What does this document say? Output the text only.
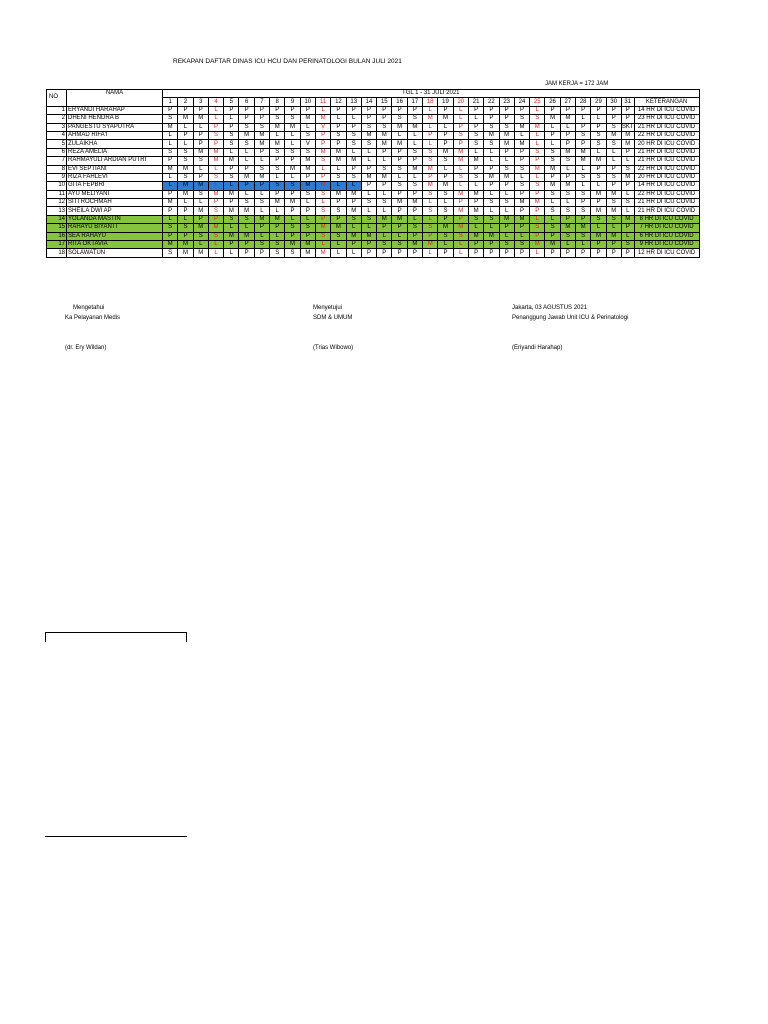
REKAPAN DAFTAR DINAS ICU HCU DAN PERINATOLOGI BULAN JULI 2021
JAM KERJA = 172 JAM
NO	NAMA	TGL 1 - 31 JULI 2021																															
		1	2	3	4	5	6	7	8	9	10	11	12	13	14	15	16	17	18	19	20	21	22	23	24	25	26	27	28	29	30	31	KETERANGAN
1	ERYANDI HARAHAP	P	P	P	L	P	P	P	P	P	P	L	P	P	P	P	P	P	L	P	L	P	P	P	P	L	P	P	P	P	P	P	14 HR DI ICU COVID
2	DHENI HENDRA B	S	M	M	L	L	P	P	S	S	M	M	L	L	P	P	S	S	M	M	L	L	P	P	S	S	M	M	L	L	P	P	23 HR DI ICU COVID
3	PANGESTU SYAPUTRA	M	L	L	P	P	S	S	M	M	L	V	P	P	S	S	M	M	L	L	P	P	S	S	M	M	L	L	P	P	S	SKT	21 HR DI ICU COVID
4	AHMAD RIFA'I	L	P	P	S	S	M	M	L	L	S	P	S	S	M	M	L	L	P	P	S	S	M	M	L	L	P	P	S	S	M	M	22 HR DI ICU COVID
5	ZULAIKHA	L	L	P	P	S	S	M	M	L	V	P	P	S	S	M	M	L	L	P	P	S	S	M	M	L	L	P	P	S	S	M	20 HR DI ICU COVID
6	REZA AMELIA	S	S	M	M	L	L	P	S	S	S	M	M	L	L	P	P	S	S	M	M	L	L	P	P	S	S	M	M	L	L	P	21 HR DI ICU COVID
7	RAHMAYULI ARDIAN PUTRI	P	S	S	M	M	L	L	P	P	M	S	M	M	L	L	P	P	S	S	M	M	L	L	P	P	S	S	M	M	L	L	21 HR DI ICU COVID
8	EVI SEPTIANI	M	M	L	L	P	P	S	S	M	M	L	L	P	P	S	S	M	M	L	L	P	P	S	S	M	M	L	L	P	P	S	22 HR DI ICU COVID
9	RIZA FAHLEVI	L	S	P	S	S	M	M	L	L	P	P	S	S	M	M	L	L	P	P	S	S	M	M	L	L	P	P	S	S	S	M	20 HR DI ICU COVID
10	GITA FEPBRI	L	M	M	L	L	P	P	S	S	M	M	L	L	P	P	S	S	M	M	L	L	P	P	S	S	M	M	L	L	P	P	14 HR DI ICU COVID
11	AYU MELIYANI	P	M	S	M	M	L	L	P	P	S	S	M	M	L	L	P	P	S	S	M	M	L	L	P	P	S	S	S	M	M	L	22 HR DI ICU COVID
12	SITI ROCHMAH	M	L	L	P	P	S	S	M	M	L	L	P	P	S	S	M	M	L	L	P	P	S	S	M	M	L	L	P	P	S	S	21 HR DI ICU COVID
13	SHEILA DWI AP	P	P	M	S	M	M	L	L	P	P	S	S	M	L	L	P	P	S	S	M	M	L	L	P	P	S	S	S	M	M	L	21 HR DI ICU COVID
14	YOLANDA MASTIN	L	L	P	P	S	S	M	M	L	L	P	P	S	S	M	M	L	L	P	P	S	S	M	M	L	L	P	P	S	S	M	8 HR DI ICU COVID
15	RAHAYU BIYANTI	S	S	M	M	L	L	P	P	S	S	M	M	L	L	P	P	S	S	M	M	L	L	P	P	S	S	M	M	L	L	P	7 HR DI ICU COVID
16	SEA RAHAYU	P	P	S	S	M	M	L	L	P	P	S	S	M	M	L	L	P	P	S	S	M	M	L	L	P	P	S	S	M	M	L	6 HR DI ICU COVID
17	RITA OKTAVIA	M	M	L	L	P	P	S	S	M	M	L	L	P	P	S	S	M	M	L	L	P	P	S	S	M	M	L	L	P	P	S	9 HR DI ICU COVID
18	SOLAWATUN	S	M	M	L	L	P	P	S	S	M	M	L	L	P	P	P	P	L	P	L	P	P	P	P	L	P	P	P	P	P	P	12 HR DI ICU COVID
Mengetahui
Ka Pelayanan Medis
(dr. Ery Wildan)
Menyetujui
SDM & UMUM
(Trias Wibowo)
Jakarta, 03 AGUSTUS 2021
Penanggung Jawab Unit ICU & Perinatologi
(Eriyandi Harahap)
